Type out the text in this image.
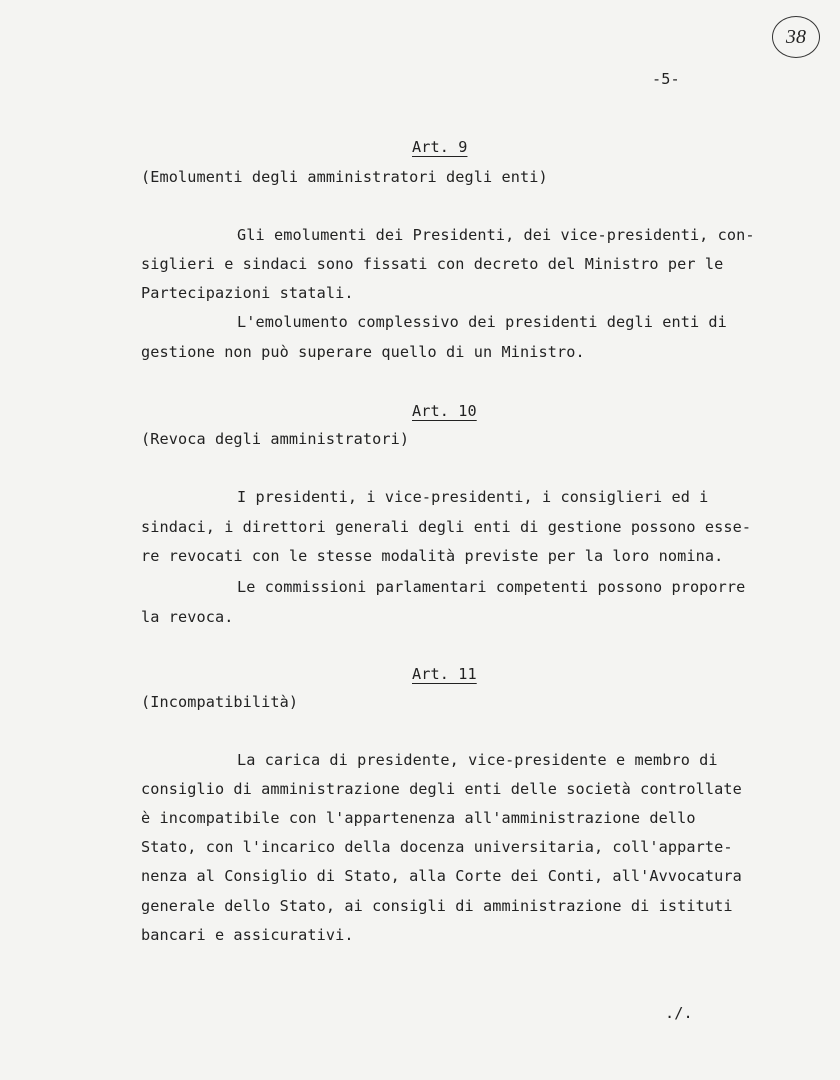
38
-5-
Art. 9
(Emolumenti degli amministratori degli enti)
Gli emolumenti dei Presidenti, dei vice-presidenti, con-
siglieri e sindaci sono fissati con decreto del Ministro per le
Partecipazioni statali.
L'emolumento complessivo dei presidenti degli enti di
gestione non può superare quello di un Ministro.
Art. 10
(Revoca degli amministratori)
I presidenti, i vice-presidenti, i consiglieri ed i
sindaci, i direttori generali degli enti di gestione possono esse-
re revocati con le stesse modalità previste per la loro nomina.
Le commissioni parlamentari competenti possono proporre
la revoca.
Art. 11
(Incompatibilità)
La carica di presidente, vice-presidente e membro di
consiglio di amministrazione degli enti delle società controllate
è incompatibile con l'appartenenza all'amministrazione dello
Stato, con l'incarico della docenza universitaria, coll'apparte-
nenza al Consiglio di Stato, alla Corte dei Conti, all'Avvocatura
generale dello Stato, ai consigli di amministrazione di istituti
bancari e assicurativi.
./.
